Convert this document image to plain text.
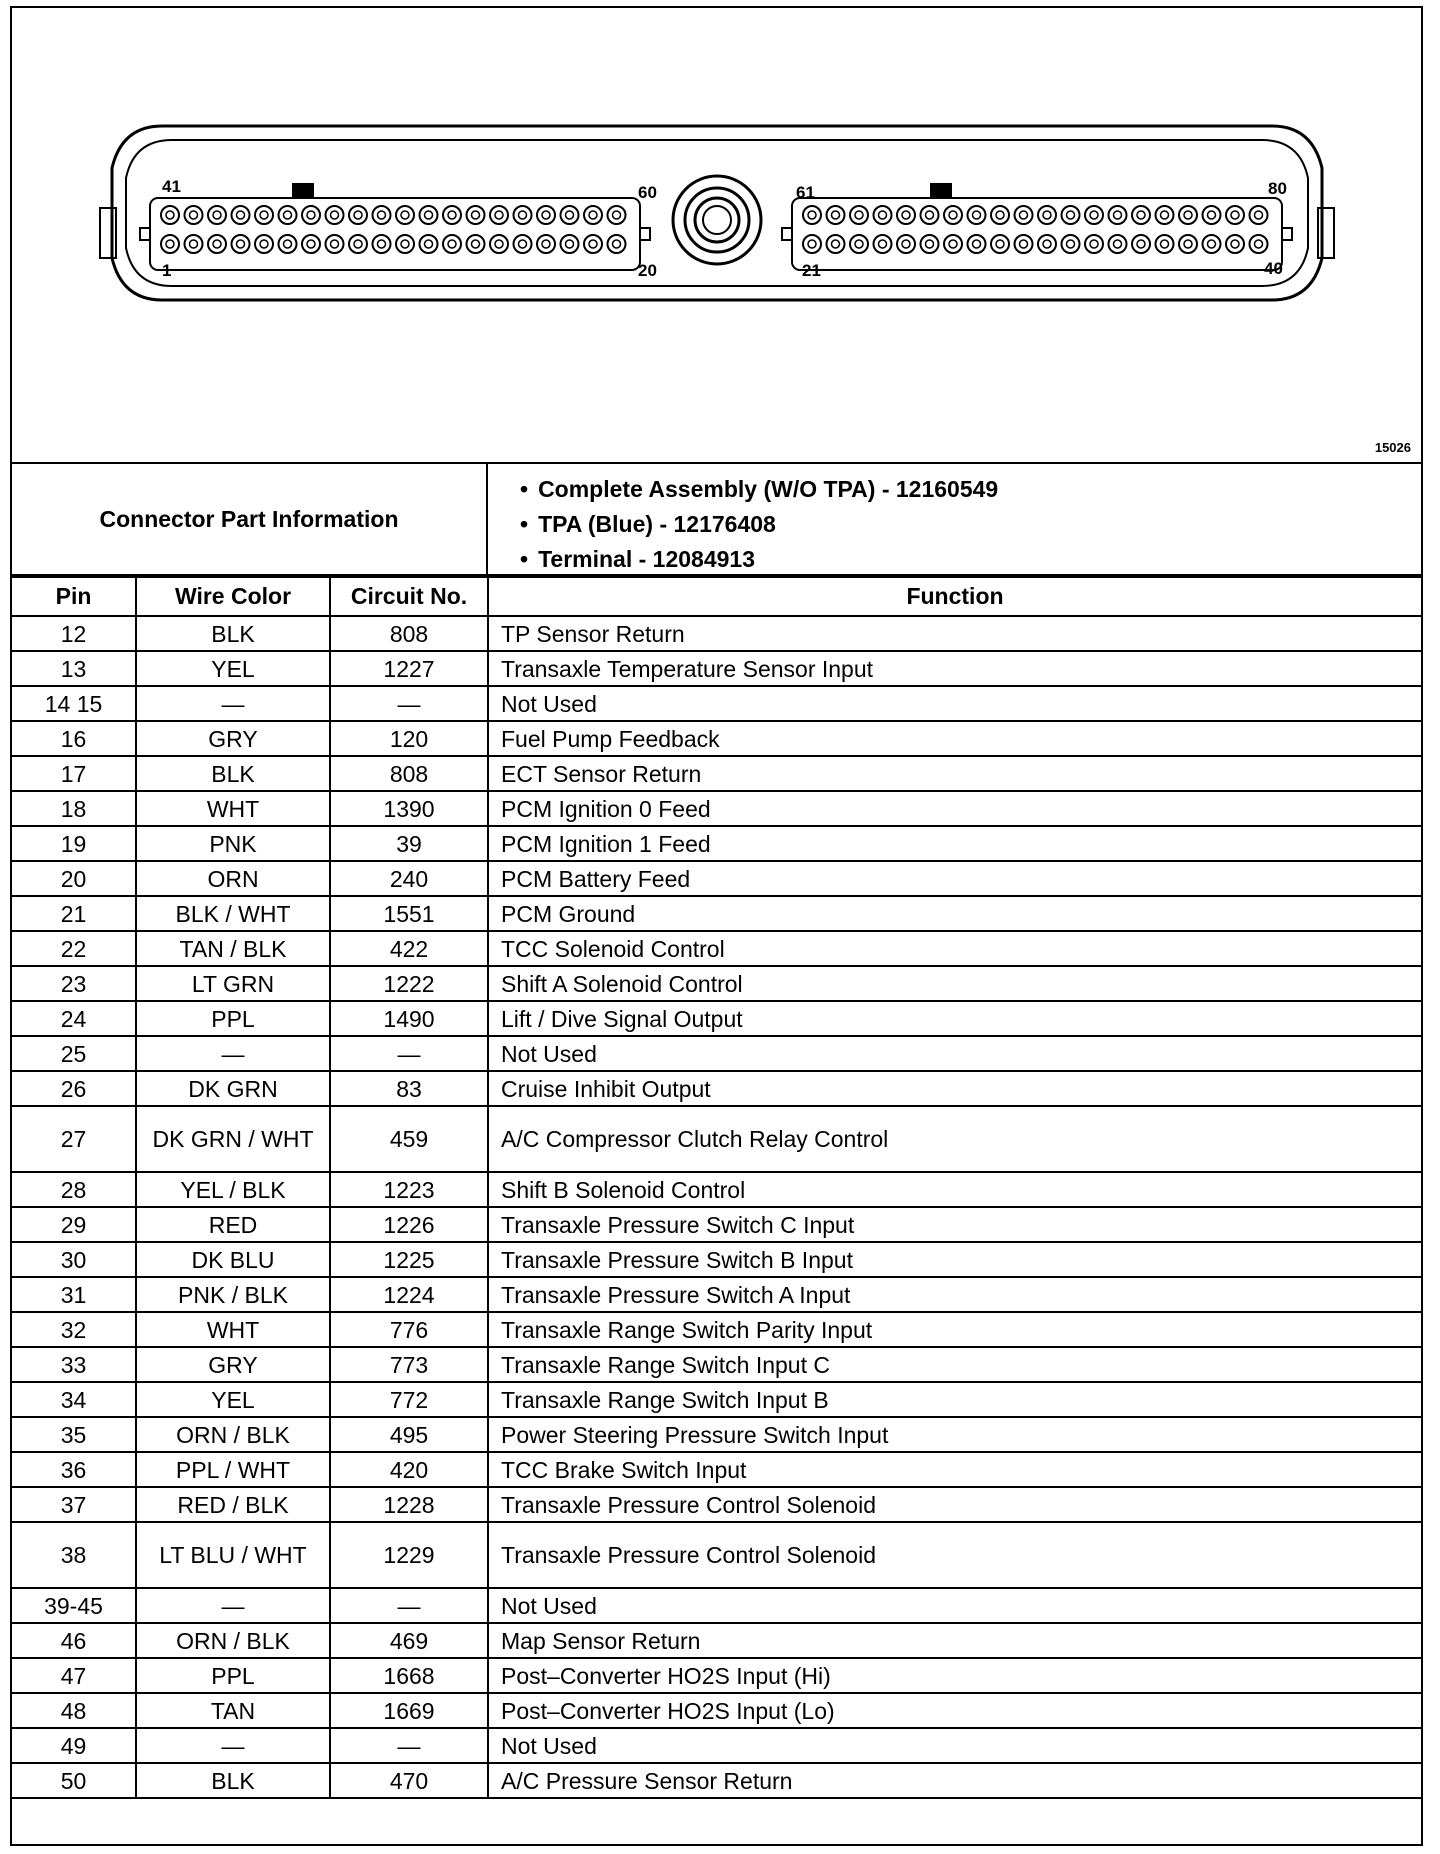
41	60	61	80
1	20	21	40
15026
Connector Part Information
• Complete Assembly (W/O TPA) - 12160549
• TPA (Blue) - 12176408
• Terminal - 12084913
Pin	Wire Color	Circuit No.	Function
12	BLK	808	TP Sensor Return
13	YEL	1227	Transaxle Temperature Sensor Input
14 15	—	—	Not Used
16	GRY	120	Fuel Pump Feedback
17	BLK	808	ECT Sensor Return
18	WHT	1390	PCM Ignition 0 Feed
19	PNK	39	PCM Ignition 1 Feed
20	ORN	240	PCM Battery Feed
21	BLK / WHT	1551	PCM Ground
22	TAN / BLK	422	TCC Solenoid Control
23	LT GRN	1222	Shift A Solenoid Control
24	PPL	1490	Lift / Dive Signal Output
25	—	—	Not Used
26	DK GRN	83	Cruise Inhibit Output
27	DK GRN / WHT	459	A/C Compressor Clutch Relay Control
28	YEL / BLK	1223	Shift B Solenoid Control
29	RED	1226	Transaxle Pressure Switch C Input
30	DK BLU	1225	Transaxle Pressure Switch B Input
31	PNK / BLK	1224	Transaxle Pressure Switch A Input
32	WHT	776	Transaxle Range Switch Parity Input
33	GRY	773	Transaxle Range Switch Input C
34	YEL	772	Transaxle Range Switch Input B
35	ORN / BLK	495	Power Steering Pressure Switch Input
36	PPL / WHT	420	TCC Brake Switch Input
37	RED / BLK	1228	Transaxle Pressure Control Solenoid
38	LT BLU / WHT	1229	Transaxle Pressure Control Solenoid
39-45	—	—	Not Used
46	ORN / BLK	469	Map Sensor Return
47	PPL	1668	Post–Converter HO2S Input (Hi)
48	TAN	1669	Post–Converter HO2S Input (Lo)
49	—	—	Not Used
50	BLK	470	A/C Pressure Sensor Return
